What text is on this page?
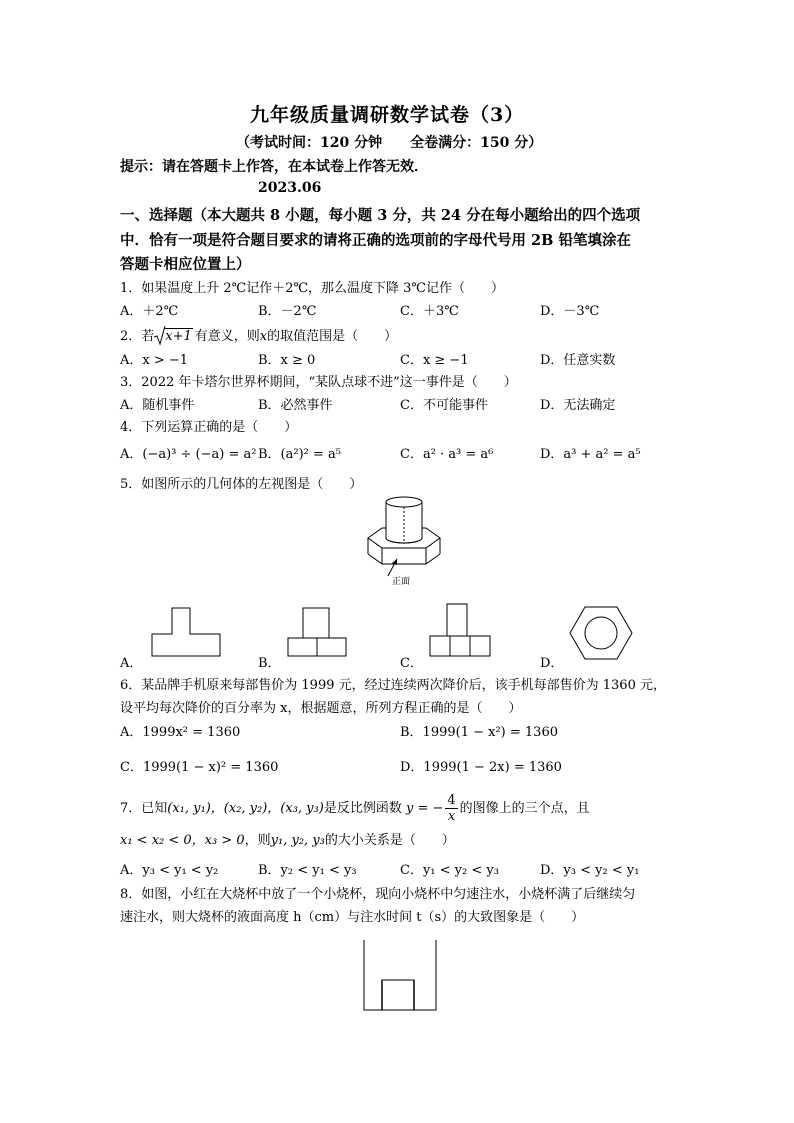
九年级质量调研数学试卷（3）
（考试时间：120 分钟　　全卷满分：150 分）
提示：请在答题卡上作答，在本试卷上作答无效．
2023.06
一、选择题（本大题共 8 小题，每小题 3 分，共 24 分在每小题给出的四个选项
中．恰有一项是符合题目要求的请将正确的选项前的字母代号用 2B 铅笔填涂在
答题卡相应位置上）
1．如果温度上升 2℃记作＋2℃，那么温度下降 3℃记作（　　）
A．＋2℃	B．－2℃	C．＋3℃	D．－3℃
2．若 x+1 有意义，则x的取值范围是（　　）
A．x > −1	B．x ≥ 0	C．x ≥ −1	D．任意实数
3．2022 年卡塔尔世界杯期间，“某队点球不进”这一事件是（　　）
A．随机事件	B．必然事件	C．不可能事件	D．无法确定
4．下列运算正确的是（　　）
A．(−a)³ ÷ (−a) = a² B．(a²)² = a⁵	C．a² · a³ = a⁶	D．a³ + a² = a⁵
5．如图所示的几何体的左视图是（　　）
正面
A．	B．	C．	D．
6．某品牌手机原来每部售价为 1999 元，经过连续两次降价后，该手机每部售价为 1360 元，
设平均每次降价的百分率为 x，根据题意，所列方程正确的是（　　）
A．1999x² = 1360	B．1999(1 − x²) = 1360
C．1999(1 − x)² = 1360	D．1999(1 − 2x) = 1360
7．已知(x₁, y₁)，(x₂, y₂)，(x₃, y₃)是反比例函数 y = − $\frac{4}{x}$ 的图像上的三个点，且
x₁ < x₂ < 0，x₃ > 0，则y₁, y₂, y₃的大小关系是（　　）
A．y₃ < y₁ < y₂	B．y₂ < y₁ < y₃	C．y₁ < y₂ < y₃	D．y₃ < y₂ < y₁
8．如图，小红在大烧杯中放了一个小烧杯，现向小烧杯中匀速注水，小烧杯满了后继续匀
速注水，则大烧杯的液面高度 h（cm）与注水时间 t（s）的大致图象是（　　）
